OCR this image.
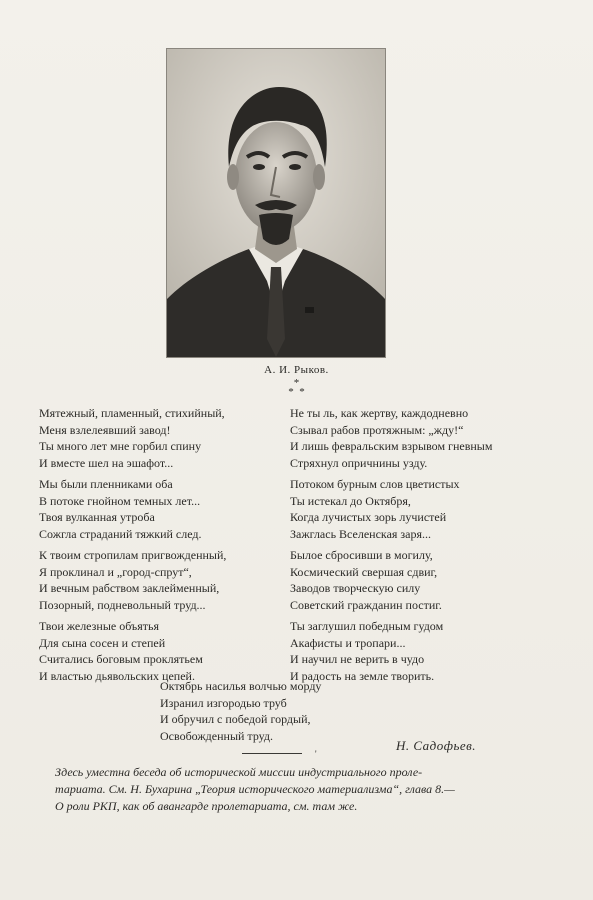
А. И. Рыков.
*
*  *
Мятежный, пламенный, стихийный,
Меня взлелеявший завод!
Ты много лет мне горбил спину
И вместе шел на эшафот...
Мы были пленниками оба
В потоке гнойном темных лет...
Твоя вулканная утроба
Сожгла страданий тяжкий след.
К твоим стропилам пригвожденный,
Я проклинал и „город-спрут“,
И вечным рабством заклейменный,
Позорный, подневольный труд...
Твои железные объятья
Для сына сосен и степей
Считались боговым проклятьем
И властью дьявольских цепей.
Не ты ль, как жертву, каждодневно
Сзывал рабов протяжным: „жду!“
И лишь февральским взрывом гневным
Стряхнул опричнины узду.
Потоком бурным слов цветистых
Ты истекал до Октября,
Когда лучистых зорь лучистей
Зажглась Вселенская заря...
Былое сбросивши в могилу,
Космический свершая сдвиг,
Заводов творческую силу
Советский гражданин постиг.
Ты заглушил победным гудом
Акафисты и тропари...
И научил не верить в чудо
И радость на земле творить.
Октябрь насилья волчью морду
Изранил изгородью труб
И обручил с победой гордый,
Освобожденный труд.
'
Н. Садофьев.
Здесь уместна беседа об исторической миссии индустриального проле-
тариата. См. Н. Бухарина „Теория исторического материализма“, глава 8.—
О роли РКП, как об авангарде пролетариата, см. там же.
